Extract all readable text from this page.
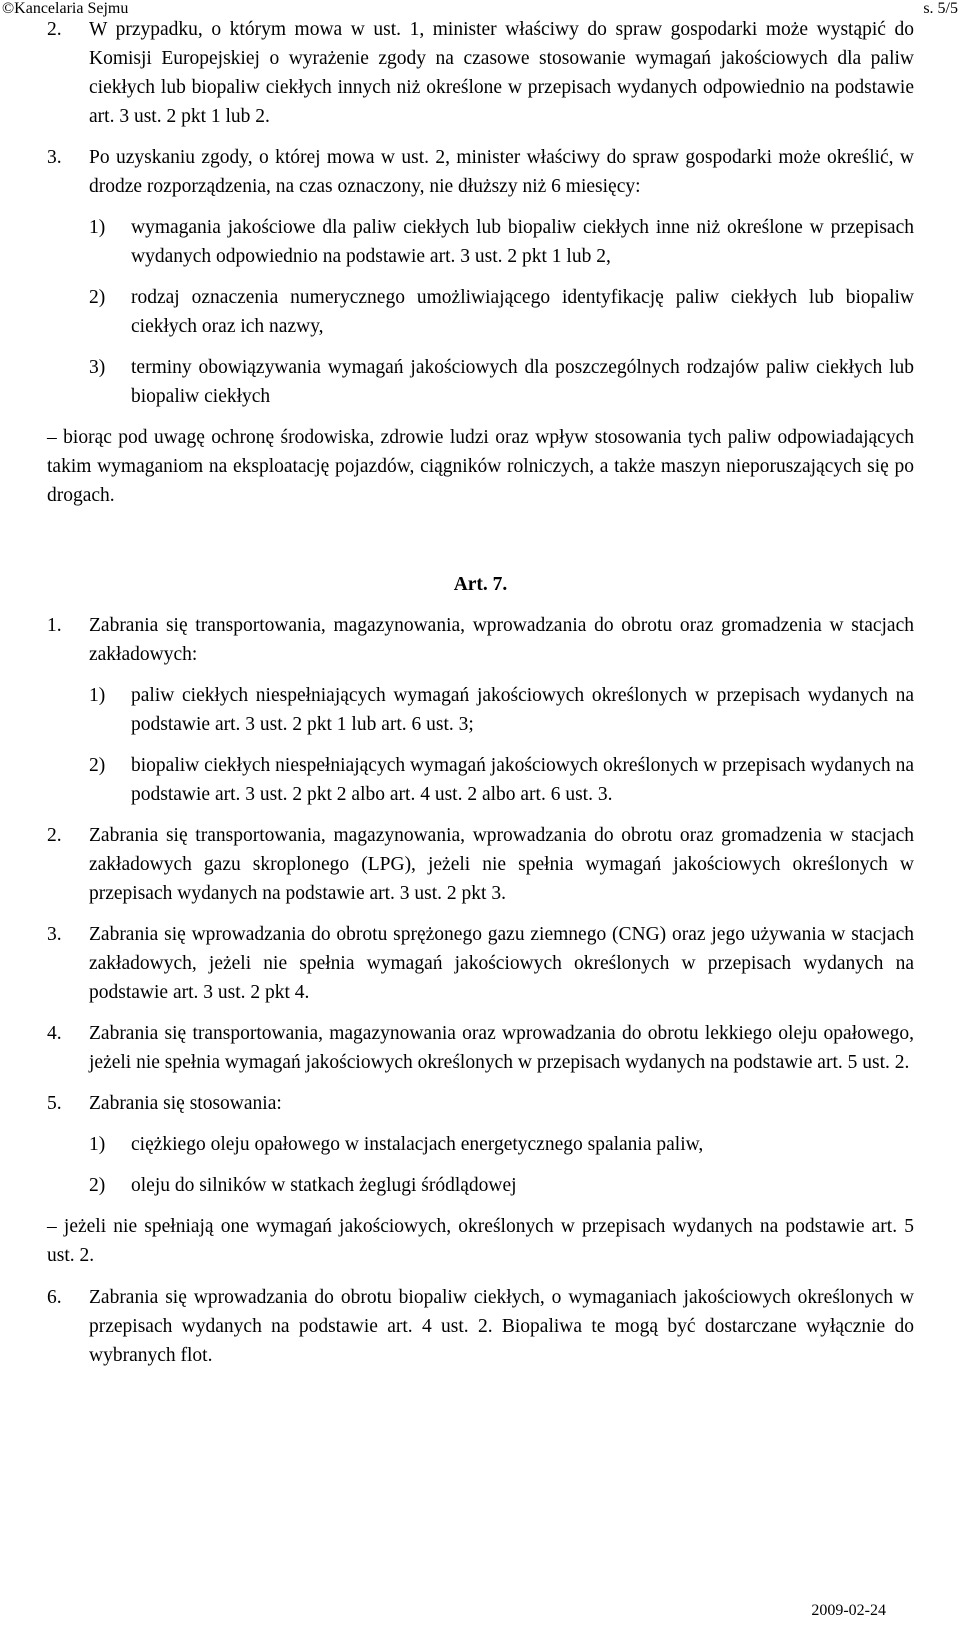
©Kancelaria Sejmu	s. 5/5

2. W przypadku, o którym mowa w ust. 1, minister właściwy do spraw gospodarki może wystąpić do Komisji Europejskiej o wyrażenie zgody na czasowe stosowanie wymagań jakościowych dla paliw ciekłych lub biopaliw ciekłych innych niż określone w przepisach wydanych odpowiednio na podstawie art. 3 ust. 2 pkt 1 lub 2.

3. Po uzyskaniu zgody, o której mowa w ust. 2, minister właściwy do spraw gospodarki może określić, w drodze rozporządzenia, na czas oznaczony, nie dłuższy niż 6 miesięcy:

1) wymagania jakościowe dla paliw ciekłych lub biopaliw ciekłych inne niż określone w przepisach wydanych odpowiednio na podstawie art. 3 ust. 2 pkt 1 lub 2,

2) rodzaj oznaczenia numerycznego umożliwiającego identyfikację paliw ciekłych lub biopaliw ciekłych oraz ich nazwy,

3) terminy obowiązywania wymagań jakościowych dla poszczególnych rodzajów paliw ciekłych lub biopaliw ciekłych

– biorąc pod uwagę ochronę środowiska, zdrowie ludzi oraz wpływ stosowania tych paliw odpowiadających takim wymaganiom na eksploatację pojazdów, ciągników rolniczych, a także maszyn nieporuszających się po drogach.

Art. 7.

1. Zabrania się transportowania, magazynowania, wprowadzania do obrotu oraz gromadzenia w stacjach zakładowych:

1) paliw ciekłych niespełniających wymagań jakościowych określonych w przepisach wydanych na podstawie art. 3 ust. 2 pkt 1 lub art. 6 ust. 3;

2) biopaliw ciekłych niespełniających wymagań jakościowych określonych w przepisach wydanych na podstawie art. 3 ust. 2 pkt 2 albo art. 4 ust. 2 albo art. 6 ust. 3.

2. Zabrania się transportowania, magazynowania, wprowadzania do obrotu oraz gromadzenia w stacjach zakładowych gazu skroplonego (LPG), jeżeli nie spełnia wymagań jakościowych określonych w przepisach wydanych na podstawie art. 3 ust. 2 pkt 3.

3. Zabrania się wprowadzania do obrotu sprężonego gazu ziemnego (CNG) oraz jego używania w stacjach zakładowych, jeżeli nie spełnia wymagań jakościowych określonych w przepisach wydanych na podstawie art. 3 ust. 2 pkt 4.

4. Zabrania się transportowania, magazynowania oraz wprowadzania do obrotu lekkiego oleju opałowego, jeżeli nie spełnia wymagań jakościowych określonych w przepisach wydanych na podstawie art. 5 ust. 2.

5. Zabrania się stosowania:

1) ciężkiego oleju opałowego w instalacjach energetycznego spalania paliw,

2) oleju do silników w statkach żeglugi śródlądowej

– jeżeli nie spełniają one wymagań jakościowych, określonych w przepisach wydanych na podstawie art. 5 ust. 2.

6. Zabrania się wprowadzania do obrotu biopaliw ciekłych, o wymaganiach jakościowych określonych w przepisach wydanych na podstawie art. 4 ust. 2. Biopaliwa te mogą być dostarczane wyłącznie do wybranych flot.

2009-02-24
